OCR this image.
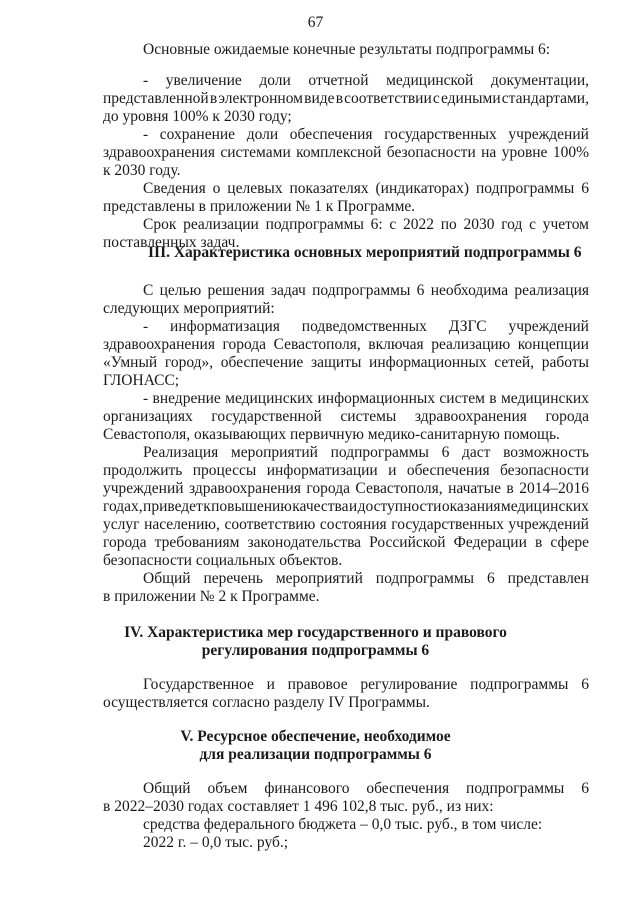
67
Основные ожидаемые конечные результаты подпрограммы 6:
- увеличение доли отчетной медицинской документации,
представленной в электронном виде в соответствии с едиными стандартами,
до уровня 100% к 2030 году;
- сохранение доли обеспечения государственных учреждений
здравоохранения системами комплексной безопасности на уровне 100%
к 2030 году.
Сведения о целевых показателях (индикаторах) подпрограммы 6
представлены в приложении № 1 к Программе.
Срок реализации подпрограммы 6: с 2022 по 2030 год с учетом
поставленных задач.
III. Характеристика основных мероприятий подпрограммы 6
С целью решения задач подпрограммы 6 необходима реализация
следующих мероприятий:
- информатизация подведомственных ДЗГС учреждений
здравоохранения города Севастополя, включая реализацию концепции
«Умный город», обеспечение защиты информационных сетей, работы
ГЛОНАСС;
- внедрение медицинских информационных систем в медицинских
организациях государственной системы здравоохранения города
Севастополя, оказывающих первичную медико-санитарную помощь.
Реализация мероприятий подпрограммы 6 даст возможность
продолжить процессы информатизации и обеспечения безопасности
учреждений здравоохранения города Севастополя, начатые в 2014–2016
годах, приведет к повышению качества и доступности оказания медицинских
услуг населению, соответствию состояния государственных учреждений
города требованиям законодательства Российской Федерации в сфере
безопасности социальных объектов.
Общий перечень мероприятий подпрограммы 6 представлен
в приложении № 2 к Программе.
IV. Характеристика мер государственного и правового
регулирования подпрограммы 6
Государственное и правовое регулирование подпрограммы 6
осуществляется согласно разделу IV Программы.
V. Ресурсное обеспечение, необходимое
для реализации подпрограммы 6
Общий объем финансового обеспечения подпрограммы 6
в 2022–2030 годах составляет 1 496 102,8 тыс. руб., из них:
средства федерального бюджета – 0,0 тыс. руб., в том числе:
2022 г. – 0,0 тыс. руб.;
